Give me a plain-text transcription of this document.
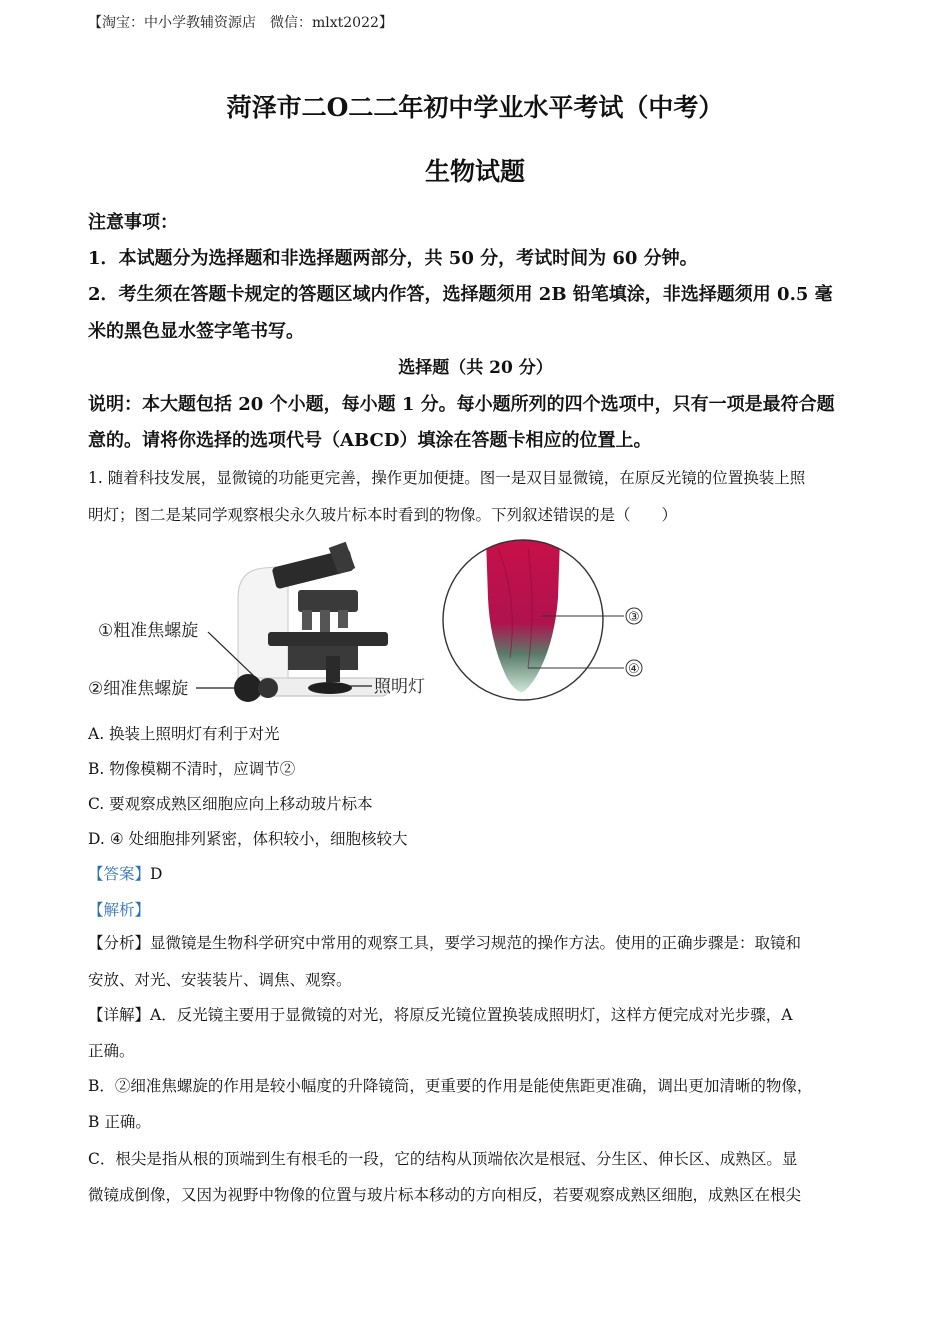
【淘宝：中小学教辅资源店　微信：mlxt2022】
菏泽市二O二二年初中学业水平考试（中考）
生物试题
注意事项：
1．本试题分为选择题和非选择题两部分，共 50 分，考试时间为 60 分钟。
2．考生须在答题卡规定的答题区域内作答，选择题须用 2B 铅笔填涂，非选择题须用 0.5 毫
米的黑色显水签字笔书写。
选择题（共 20 分）
说明：本大题包括 20 个小题，每小题 1 分。每小题所列的四个选项中，只有一项是最符合题
意的。请将你选择的选项代号（ABCD）填涂在答题卡相应的位置上。
1. 随着科技发展，显微镜的功能更完善，操作更加便捷。图一是双目显微镜，在原反光镜的位置换装上照
明灯；图二是某同学观察根尖永久玻片标本时看到的物像。下列叙述错误的是（　　）
①粗准焦螺旋
②细准焦螺旋	照明灯
③
④
A. 换装上照明灯有利于对光
B. 物像模糊不清时，应调节②
C. 要观察成熟区细胞应向上移动玻片标本
D. ④ 处细胞排列紧密，体积较小，细胞核较大
【答案】D
【解析】
【分析】显微镜是生物科学研究中常用的观察工具，要学习规范的操作方法。使用的正确步骤是：取镜和
安放、对光、安装装片、调焦、观察。
【详解】A．反光镜主要用于显微镜的对光，将原反光镜位置换装成照明灯，这样方便完成对光步骤，A
正确。
B．②细准焦螺旋的作用是较小幅度的升降镜筒，更重要的作用是能使焦距更准确，调出更加清晰的物像，
B 正确。
C．根尖是指从根的顶端到生有根毛的一段，它的结构从顶端依次是根冠、分生区、伸长区、成熟区。显
微镜成倒像，又因为视野中物像的位置与玻片标本移动的方向相反，若要观察成熟区细胞，成熟区在根尖
